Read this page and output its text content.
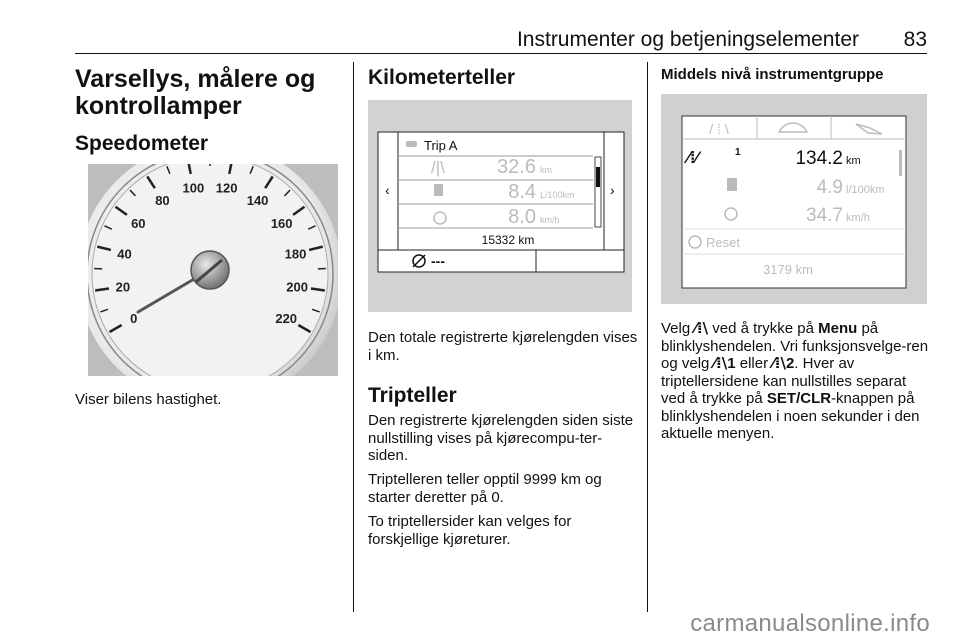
Instrumenter og betjeningselementer 83
Varsellys, målere og kontrollamper
Speedometer
0
20
40
60
80
100 120
140
160
180
200
220

Viser bilens hastighet.

Kilometerteller
‹	›
Trip A
/|\	32.6 km
8.4 L/100km
8.0 km/h
15332 km
---

Den totale registrerte kjørelengden vises i km.

Tripteller

Den registrerte kjørelengden siden siste nullstilling vises på kjørecompu-ter-siden.

Triptelleren teller opptil 9999 km og starter deretter på 0.

To triptellersider kan velges for forskjellige kjøreturer.

Middels nivå instrumentgruppe

/ ⁞ \
⁄⁞⁄	1	134.2 km
4.9 l/100km
34.7 km/h
Reset
3179 km

Velg ⁄⁞\ ved å trykke på Menu på blinklyshendelen. Vri funksjonsvelge-ren og velg ⁄⁞\1 eller ⁄⁞\2. Hver av triptellersidene kan nullstilles separat ved å trykke på SET/CLR-knappen på blinklyshendelen i noen sekunder i den aktuelle menyen.

carmanualsonline.info
